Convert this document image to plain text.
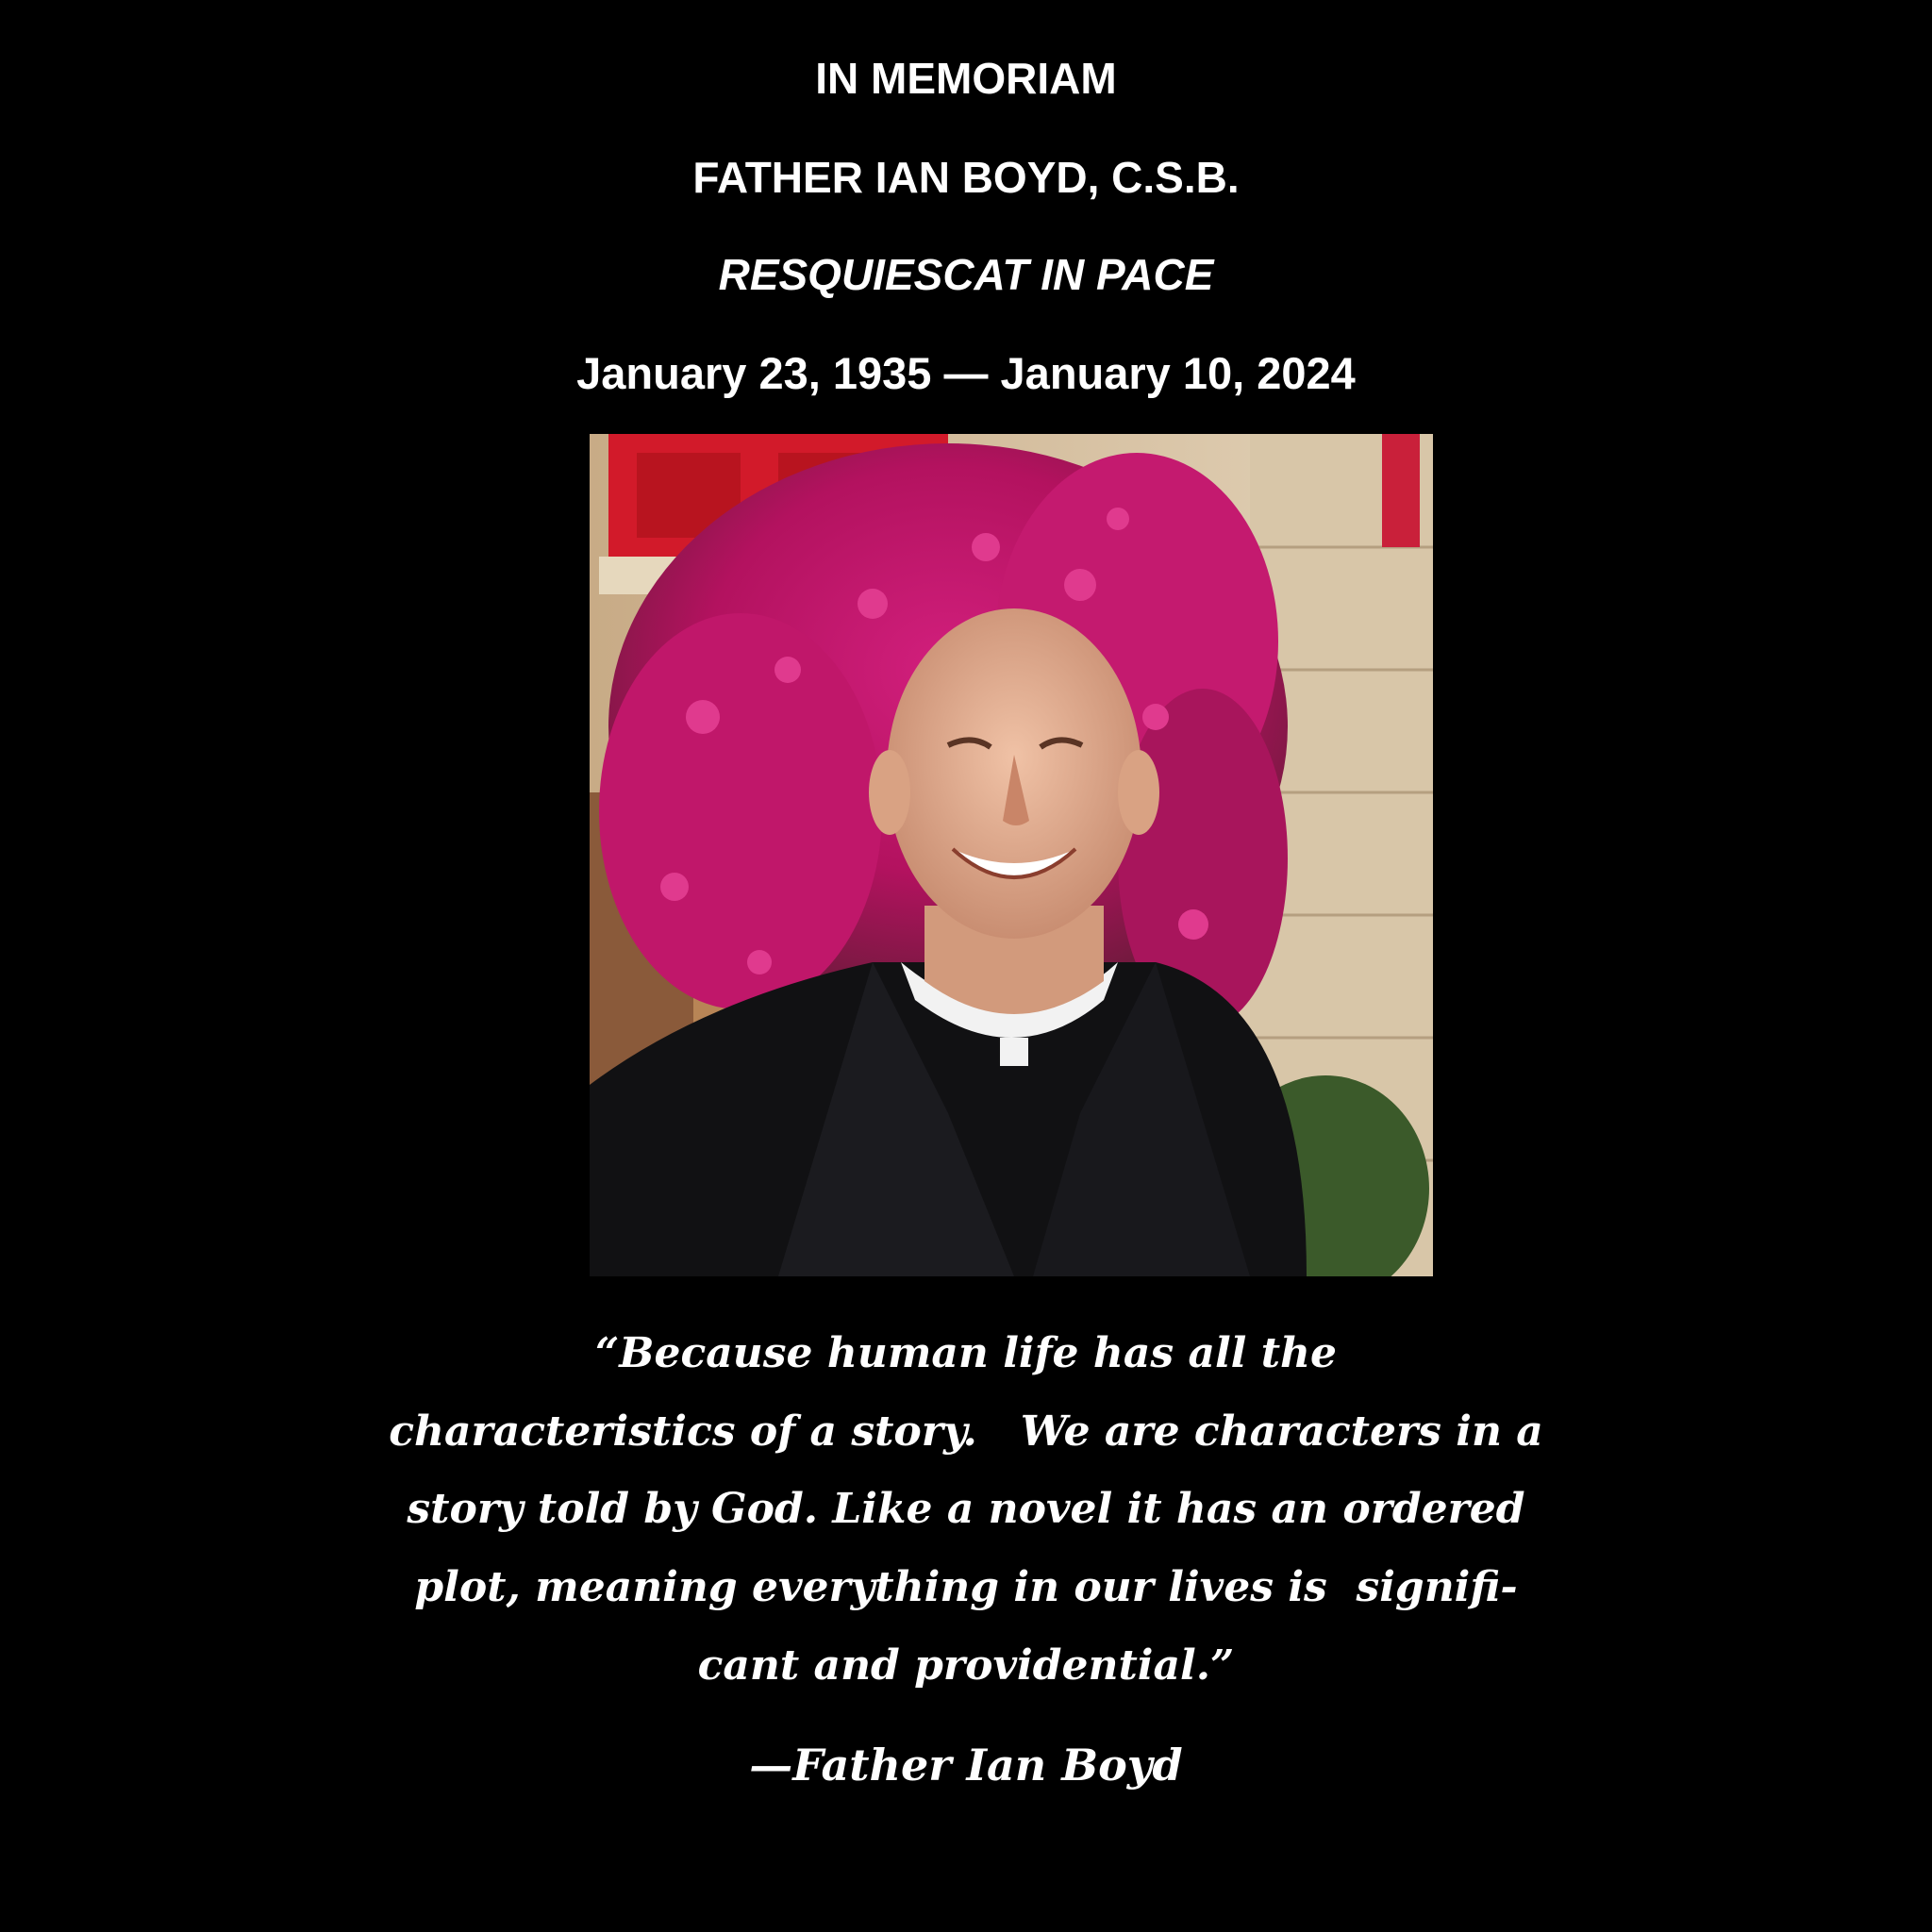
IN MEMORIAM
FATHER IAN BOYD, C.S.B.
RESQUIESCAT IN PACE
January 23, 1935 — January 10, 2024
“Because human life has all the
characteristics of a story.   We are characters in a
story told by God. Like a novel it has an ordered
plot, meaning everything in our lives is  signifi-
cant and providential.”
—Father Ian Boyd
